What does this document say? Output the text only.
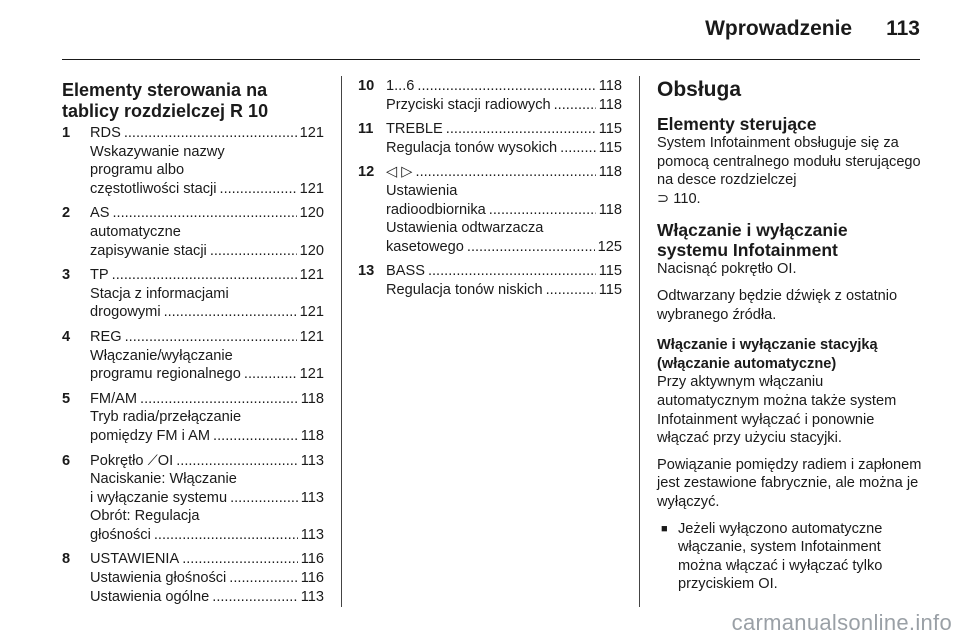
Wprowadzenie 113
Elementy sterowania na tablicy rozdzielczej R 10
1	RDS .....	121
Wskazywanie nazwy
programu albo
częstotliwości stacji .....	121
2	AS .....	120
automatyczne
zapisywanie stacji .....	120
3	TP .....	121
Stacja z informacjami
drogowymi .....	121
4	REG .....	121
Włączanie/wyłączanie
programu regionalnego .....	121
5	FM/AM .....	118
Tryb radia/przełączanie
pomiędzy FM i AM .....	118
6	Pokrętło ⟋OI .....	113
Naciskanie: Włączanie
i wyłączanie systemu .....	113
Obrót: Regulacja
głośności .....	113
8	USTAWIENIA .....	116
Ustawienia głośności .....	116
Ustawienia ogólne .....	113
10 1...6 .....	118
Przyciski stacji radiowych .....	118
11 TREBLE .....	115
Regulacja tonów wysokich .....	115
12 ◁ ▷ .....	118
Ustawienia
radioodbiornika .....	118
Ustawienia odtwarzacza
kasetowego .....	125
13 BASS .....	115
Regulacja tonów niskich .....	115
Obsługa
Elementy sterujące
System Infotainment obsługuje się za pomocą centralnego modułu sterującego na desce rozdzielczej
⊃ 110.
Włączanie i wyłączanie systemu Infotainment
Nacisnąć pokrętło OI.
Odtwarzany będzie dźwięk z ostatnio wybranego źródła.
Włączanie i wyłączanie stacyjką (włączanie automatyczne)
Przy aktywnym włączaniu automatycznym można także system Infotainment wyłączać i ponownie włączać przy użyciu stacyjki.
Powiązanie pomiędzy radiem i zapłonem jest zestawione fabrycznie, ale można je wyłączyć.
■ Jeżeli wyłączono automatyczne włączanie, system Infotainment można włączać i wyłączać tylko przyciskiem OI.
carmanualsonline.info
